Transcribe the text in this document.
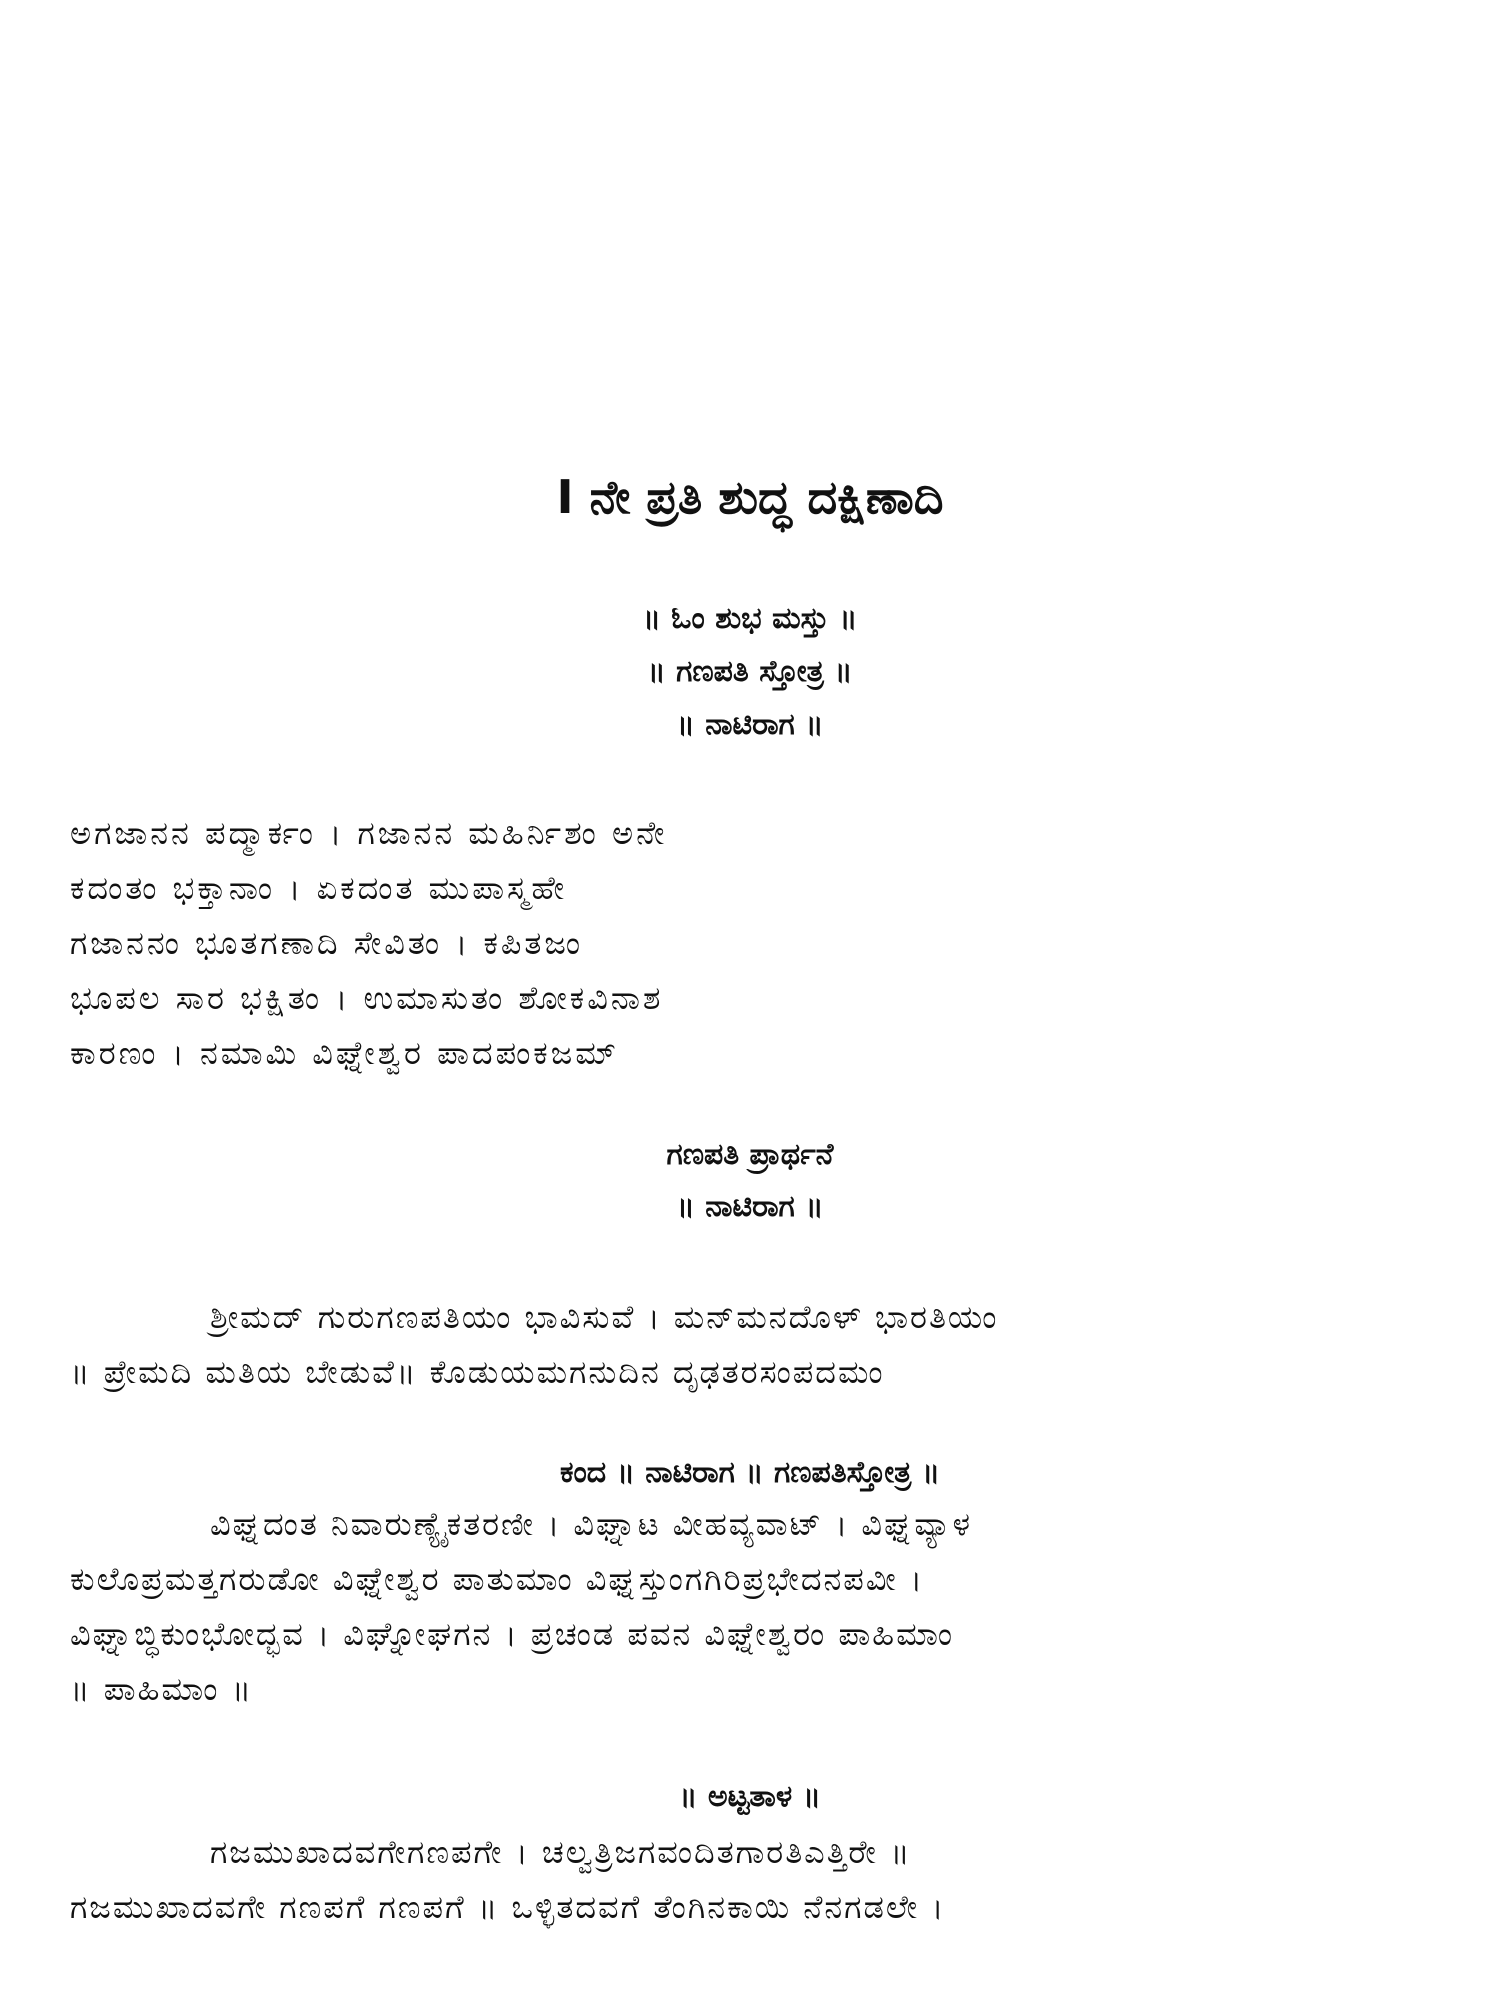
I ನೇ ಪ್ರತಿ ಶುದ್ಧ ದಕ್ಷಿಣಾದಿ
॥ ಓಂ ಶುಭ ಮಸ್ತು ॥
॥ ಗಣಪತಿ ಸ್ತೋತ್ರ ॥
॥ ನಾಟಿರಾಗ ॥
ಅಗಜಾನನ ಪದ್ಮಾರ್ಕಂ । ಗಜಾನನ ಮಹಿರ್ನಿಶಂ ಅನೇ
ಕದಂತಂ ಭಕ್ತಾನಾಂ । ಏಕದಂತ ಮುಪಾಸ್ಮಹೇ
ಗಜಾನನಂ ಭೂತಗಣಾದಿ ಸೇವಿತಂ । ಕಪಿತಜಂ
ಭೂಪಲ ಸಾರ ಭಕ್ಷಿತಂ । ಉಮಾಸುತಂ ಶೋಕವಿನಾಶ
ಕಾರಣಂ । ನಮಾಮಿ ವಿಘ್ನೇಶ್ವರ ಪಾದಪಂಕಜಮ್
ಗಣಪತಿ ಪ್ರಾರ್ಥನೆ
॥ ನಾಟಿರಾಗ ॥
ಶ್ರೀಮದ್ ಗುರುಗಣಪತಿಯಂ ಭಾವಿಸುವೆ । ಮನ್‌ಮನದೊಳ್ ಭಾರತಿಯಂ
॥ ಪ್ರೇಮದಿ ಮತಿಯ ಬೇಡುವೆ॥ ಕೊಡುಯಮಗನುದಿನ ದೃಢತರಸಂಪದಮಂ
ಕಂದ ॥ ನಾಟಿರಾಗ ॥ ಗಣಪತಿಸ್ತೋತ್ರ ॥
ವಿಘ್ನದಂತ ನಿವಾರುಣ್ಯೈಕತರಣೀ । ವಿಘ್ನಾಟ ವೀಹವ್ಯವಾಟ್ । ವಿಘ್ನವ್ಯಾಳ
ಕುಲೊಪ್ರಮತ್ತಗರುಡೋ ವಿಘ್ನೇಶ್ವರ ಪಾತುಮಾಂ ವಿಘ್ನಸ್ತುಂಗಗಿರಿಪ್ರಭೇದನಪವೀ ।
ವಿಘ್ನಾಬ್ಧಿಕುಂಭೋದ್ಭವ । ವಿಘ್ನೋಘಗನ । ಪ್ರಚಂಡ ಪವನ ವಿಘ್ನೇಶ್ವರಂ ಪಾಹಿಮಾಂ
॥ ಪಾಹಿಮಾಂ ॥
॥ ಅಟ್ಟತಾಳ ॥
ಗಜಮುಖಾದವಗೇಗಣಪಗೇ । ಚಲ್ವತ್ರಿಜಗವಂದಿತಗಾರತಿಎತ್ತಿರೇ ॥
ಗಜಮುಖಾದವಗೇ ಗಣಪಗೆ ಗಣಪಗೆ ॥ ಒಳ್ಳಿತದವಗೆ ತೆಂಗಿನಕಾಯಿ ನೆನಗಡಲೇ ।
